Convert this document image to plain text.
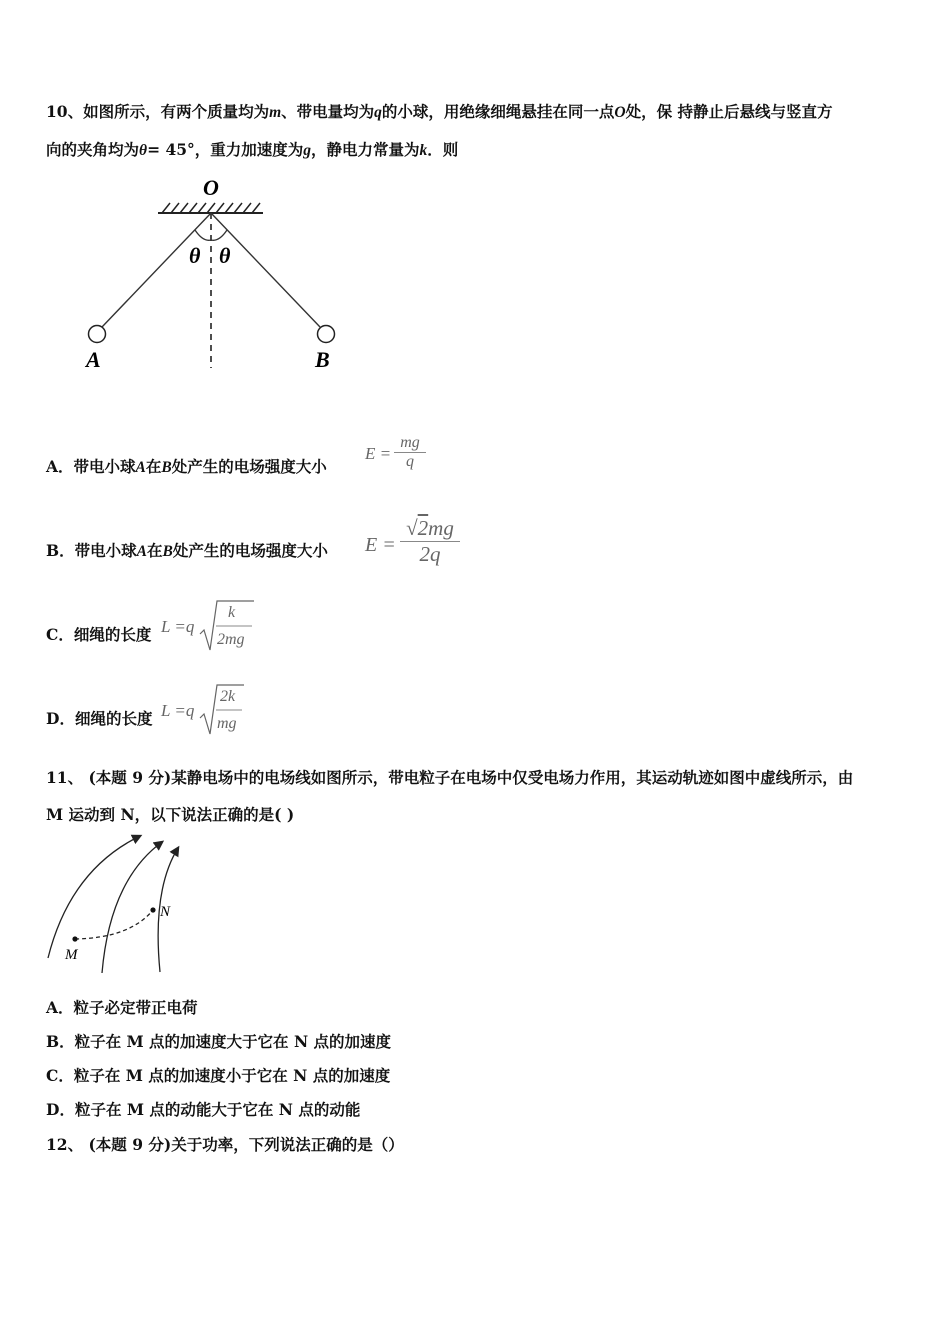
10、如图所示，有两个质量均为m、带电量均为q的小球，用绝缘细绳悬挂在同一点O处，保 持静止后悬线与竖直方
向的夹角均为θ= 45°，重力加速度为g，静电力常量为k．则
O
θ θ
A	B
A．带电小球A在B处产生的电场强度大小
$E = \frac{mg}{q}$
B．带电小球A在B处产生的电场强度大小 $E = \frac{√2mg}{2q}$
C．细绳的长度 L =q
k
2mg
D．细绳的长度 L =q
2k
mg
11、 (本题 9 分)某静电场中的电场线如图所示，带电粒子在电场中仅受电场力作用，其运动轨迹如图中虚线所示，由
M 运动到 N，以下说法正确的是( )
M
N
A．粒子必定带正电荷
B．粒子在 M 点的加速度大于它在 N 点的加速度
C．粒子在 M 点的加速度小于它在 N 点的加速度
D．粒子在 M 点的动能大于它在 N 点的动能
12、 (本题 9 分)关于功率，下列说法正确的是（）
